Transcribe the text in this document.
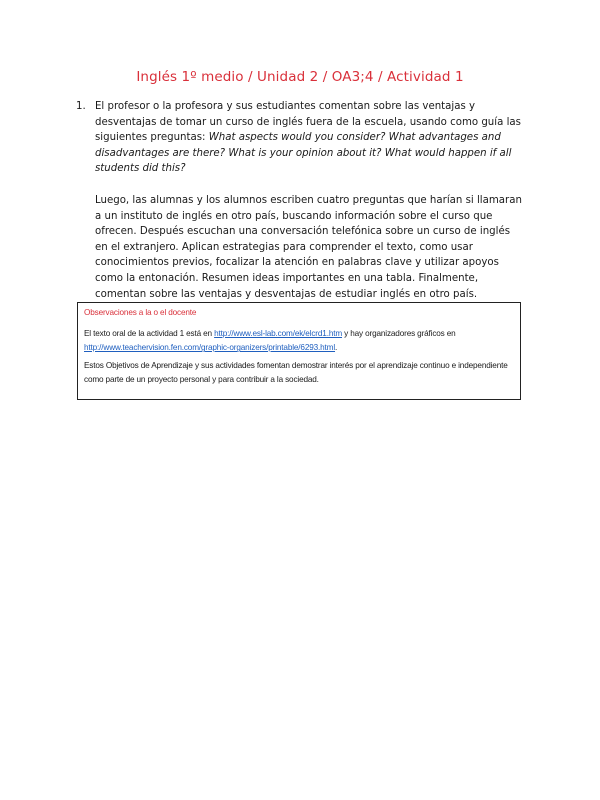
Inglés 1º medio / Unidad 2 / OA3;4 / Actividad 1
1. El profesor o la profesora y sus estudiantes comentan sobre las ventajas y desventajas de tomar un curso de inglés fuera de la escuela, usando como guía las siguientes preguntas: What aspects would you consider? What advantages and disadvantages are there? What is your opinion about it? What would happen if all students did this?

Luego, las alumnas y los alumnos escriben cuatro preguntas que harían si llamaran a un instituto de inglés en otro país, buscando información sobre el curso que ofrecen. Después escuchan una conversación telefónica sobre un curso de inglés en el extranjero. Aplican estrategias para comprender el texto, como usar conocimientos previos, focalizar la atención en palabras clave y utilizar apoyos como la entonación. Resumen ideas importantes en una tabla. Finalmente, comentan sobre las ventajas y desventajas de estudiar inglés en otro país.

Observaciones a la o el docente

El texto oral de la actividad 1 está en http://www.esl-lab.com/ek/elcrd1.htm y hay organizadores gráficos en http://www.teachervision.fen.com/graphic-organizers/printable/6293.html.

Estos Objetivos de Aprendizaje y sus actividades fomentan demostrar interés por el aprendizaje continuo e independiente como parte de un proyecto personal y para contribuir a la sociedad.
